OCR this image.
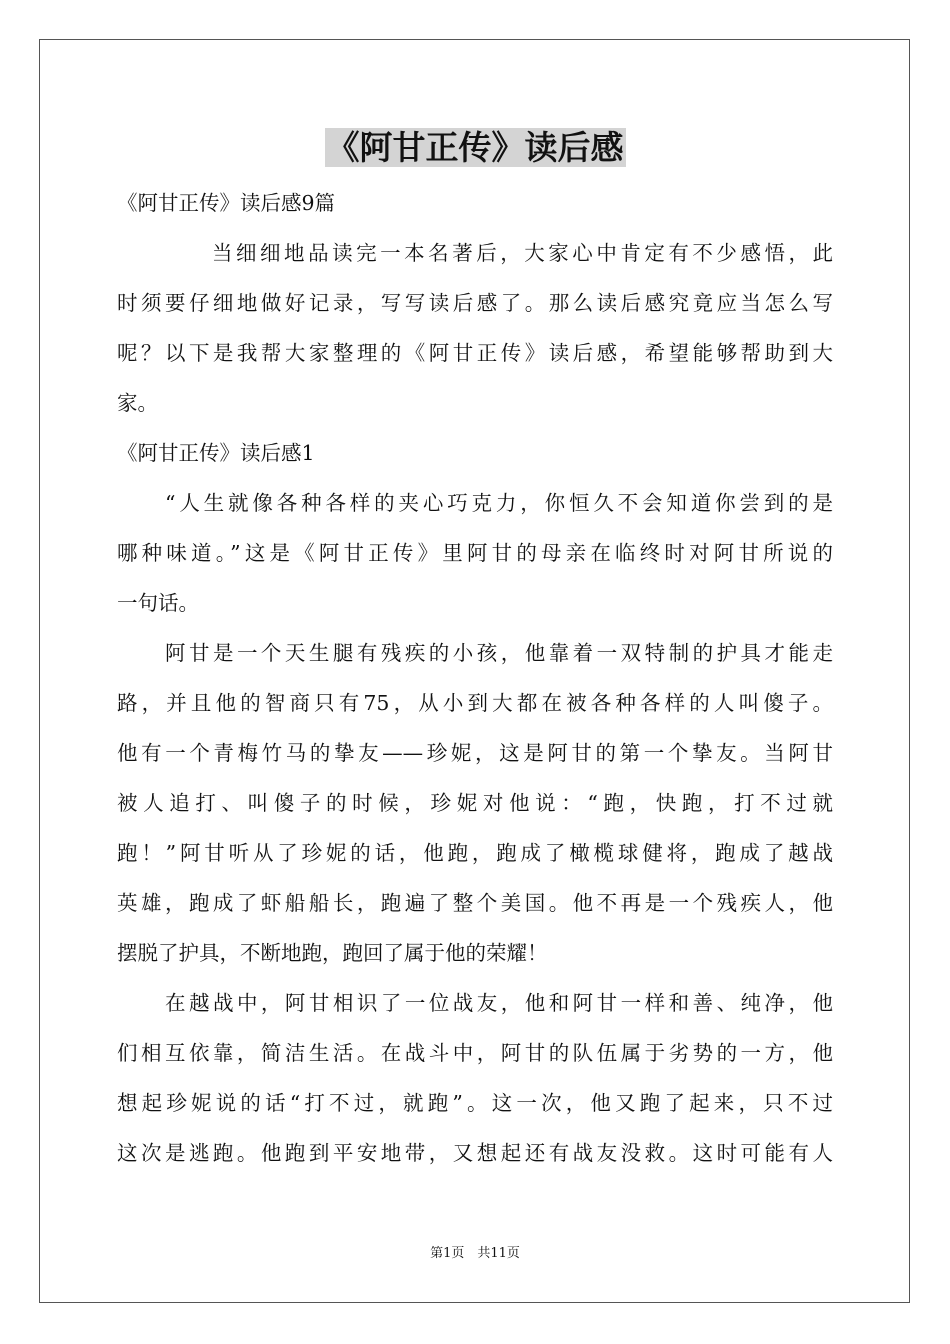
《阿甘正传》读后感
《阿甘正传》读后感9篇
当细细地品读完一本名著后，大家心中肯定有不少感悟，此
时须要仔细地做好记录，写写读后感了。那么读后感究竟应当怎么写
呢？以下是我帮大家整理的《阿甘正传》读后感，希望能够帮助到大
家。
《阿甘正传》读后感1
“人生就像各种各样的夹心巧克力，你恒久不会知道你尝到的是
哪种味道。”这是《阿甘正传》里阿甘的母亲在临终时对阿甘所说的
一句话。
阿甘是一个天生腿有残疾的小孩，他靠着一双特制的护具才能走
路，并且他的智商只有75，从小到大都在被各种各样的人叫傻子。
他有一个青梅竹马的挚友——珍妮，这是阿甘的第一个挚友。当阿甘
被人追打、叫傻子的时候，珍妮对他说：“跑，快跑，打不过就
跑！”阿甘听从了珍妮的话，他跑，跑成了橄榄球健将，跑成了越战
英雄，跑成了虾船船长，跑遍了整个美国。他不再是一个残疾人，他
摆脱了护具，不断地跑，跑回了属于他的荣耀！
在越战中，阿甘相识了一位战友，他和阿甘一样和善、纯净，他
们相互依靠，简洁生活。在战斗中，阿甘的队伍属于劣势的一方，他
想起珍妮说的话“打不过，就跑”。这一次，他又跑了起来，只不过
这次是逃跑。他跑到平安地带，又想起还有战友没救。这时可能有人
第1页　共11页
